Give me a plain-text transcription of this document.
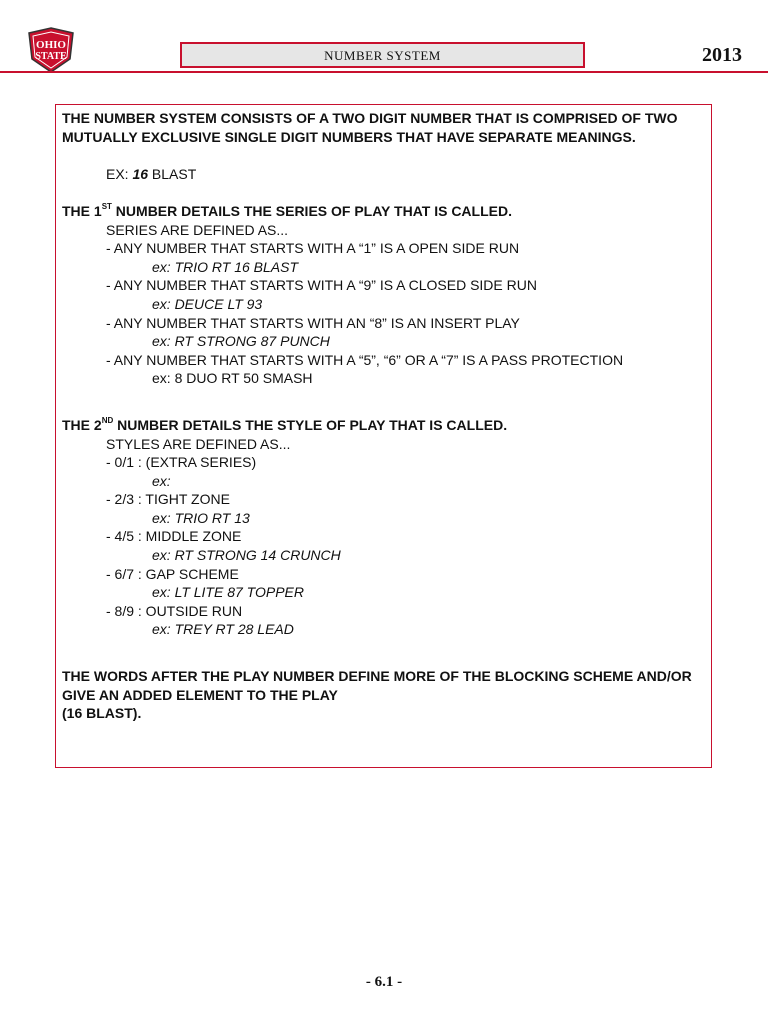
OHIO
STATE	NUMBER SYSTEM	2013

THE NUMBER SYSTEM CONSISTS OF A TWO DIGIT NUMBER THAT IS COMPRISED OF TWO MUTUALLY EXCLUSIVE SINGLE DIGIT NUMBERS THAT HAVE SEPARATE MEANINGS.

EX: 16 BLAST

THE 1ST NUMBER DETAILS THE SERIES OF PLAY THAT IS CALLED.

SERIES ARE DEFINED AS...

- ANY NUMBER THAT STARTS WITH A “1” IS A OPEN SIDE RUN

ex: TRIO RT 16 BLAST

- ANY NUMBER THAT STARTS WITH A “9” IS A CLOSED SIDE RUN

ex: DEUCE LT 93

- ANY NUMBER THAT STARTS WITH AN “8” IS AN INSERT PLAY

ex: RT STRONG 87 PUNCH

- ANY NUMBER THAT STARTS WITH A “5”, “6” OR A “7” IS A PASS PROTECTION

ex: 8 DUO RT 50 SMASH

THE 2ND NUMBER DETAILS THE STYLE OF PLAY THAT IS CALLED.

STYLES ARE DEFINED AS...

- 0/1 : (EXTRA SERIES)

ex:

- 2/3 : TIGHT ZONE

ex: TRIO RT 13

- 4/5 : MIDDLE ZONE

ex: RT STRONG 14 CRUNCH

- 6/7 : GAP SCHEME

ex: LT LITE 87 TOPPER

- 8/9 : OUTSIDE RUN

ex: TREY RT 28 LEAD

THE WORDS AFTER THE PLAY NUMBER DEFINE MORE OF THE BLOCKING SCHEME AND/OR GIVE AN ADDED ELEMENT TO THE PLAY

(16 BLAST).

- 6.1 -
